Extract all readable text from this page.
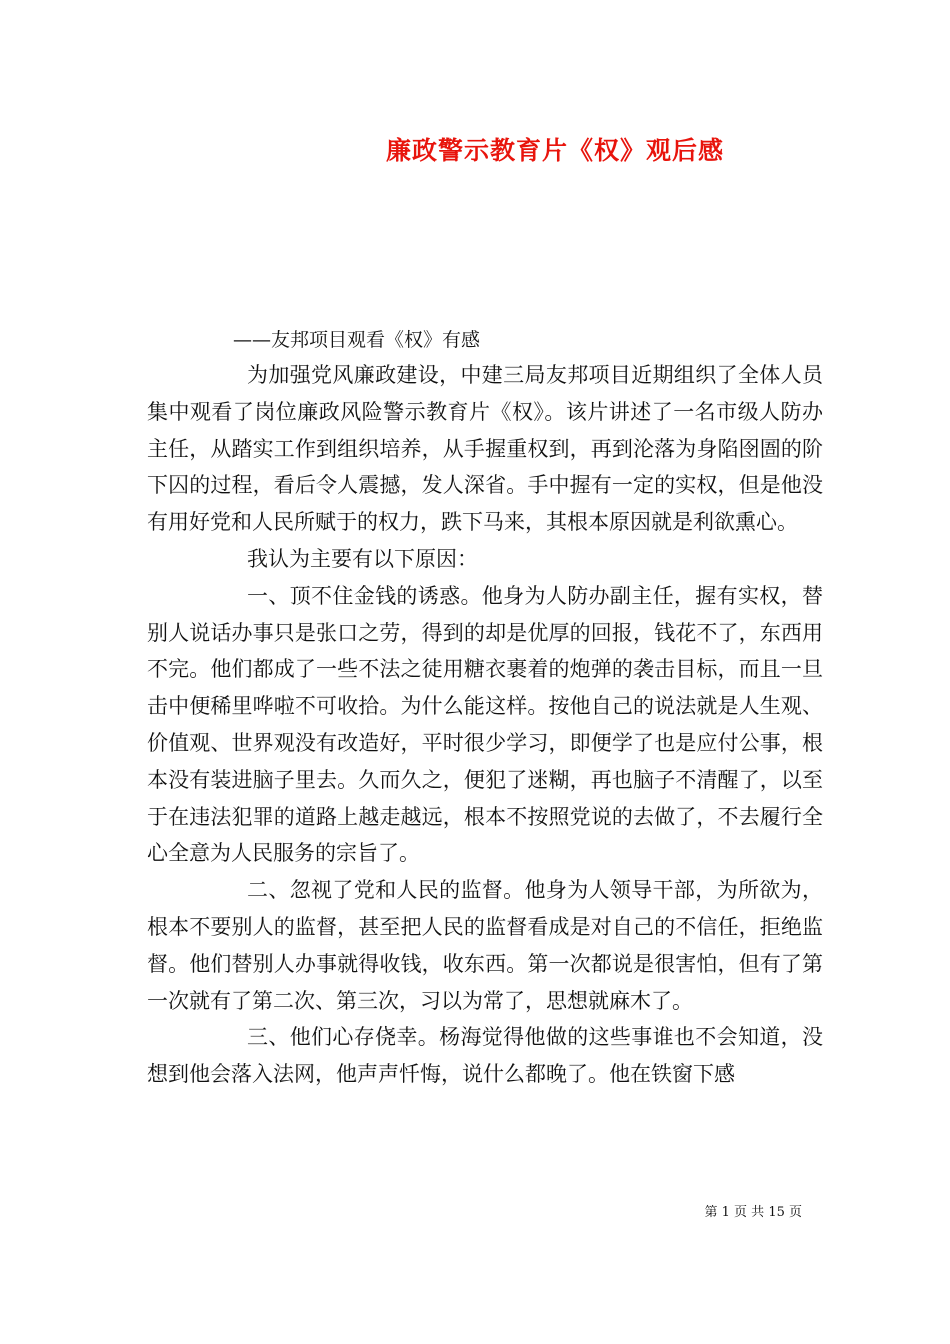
廉政警示教育片《权》观后感
——友邦项目观看《权》有感

为加强党风廉政建设，中建三局友邦项目近期组织了全体人员集中观看了岗位廉政风险警示教育片《权》。该片讲述了一名市级人防办主任，从踏实工作到组织培养，从手握重权到，再到沦落为身陷囹圄的阶下囚的过程，看后令人震撼，发人深省。手中握有一定的实权，但是他没有用好党和人民所赋于的权力，跌下马来，其根本原因就是利欲熏心。

我认为主要有以下原因：

一、顶不住金钱的诱惑。他身为人防办副主任，握有实权，替别人说话办事只是张口之劳，得到的却是优厚的回报，钱花不了，东西用不完。他们都成了一些不法之徒用糖衣裹着的炮弹的袭击目标，而且一旦击中便稀里哗啦不可收拾。为什么能这样。按他自己的说法就是人生观、价值观、世界观没有改造好，平时很少学习，即便学了也是应付公事，根本没有装进脑子里去。久而久之，便犯了迷糊，再也脑子不清醒了，以至于在违法犯罪的道路上越走越远，根本不按照党说的去做了，不去履行全心全意为人民服务的宗旨了。

二、忽视了党和人民的监督。他身为人领导干部，为所欲为，根本不要别人的监督，甚至把人民的监督看成是对自己的不信任，拒绝监督。他们替别人办事就得收钱，收东西。第一次都说是很害怕，但有了第一次就有了第二次、第三次，习以为常了，思想就麻木了。

三、他们心存侥幸。杨海觉得他做的这些事谁也不会知道，没想到他会落入法网，他声声忏悔，说什么都晚了。他在铁窗下感

第 1 页 共 15 页
